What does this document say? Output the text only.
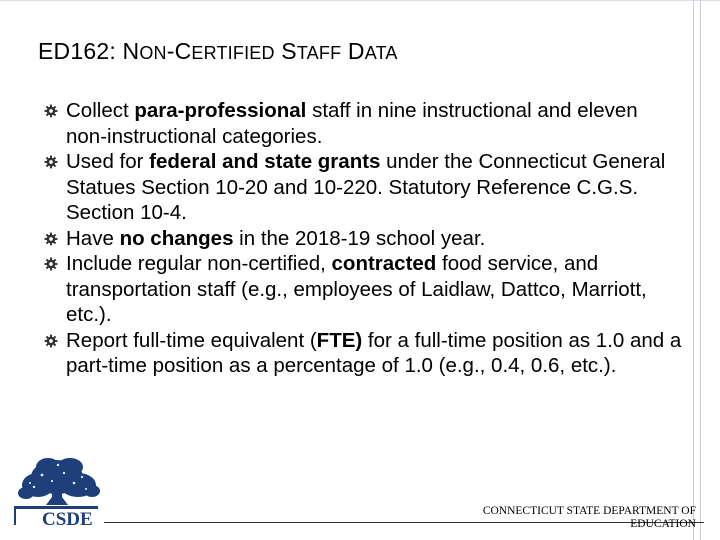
ED162: NON-CERTIFIED STAFF DATA
Collect para-professional staff in nine instructional and eleven non-instructional categories.
Used for federal and state grants under the Connecticut General Statues Section 10-20 and 10-220. Statutory Reference C.G.S. Section 10-4.
Have no changes in the 2018-19 school year.
Include regular non-certified, contracted food service, and transportation staff (e.g., employees of Laidlaw, Dattco, Marriott, etc.).
Report full-time equivalent (FTE) for a full-time position as 1.0 and a part-time position as a percentage of 1.0 (e.g., 0.4, 0.6, etc.).
CSDE	CONNECTICUT STATE DEPARTMENT OF EDUCATION
